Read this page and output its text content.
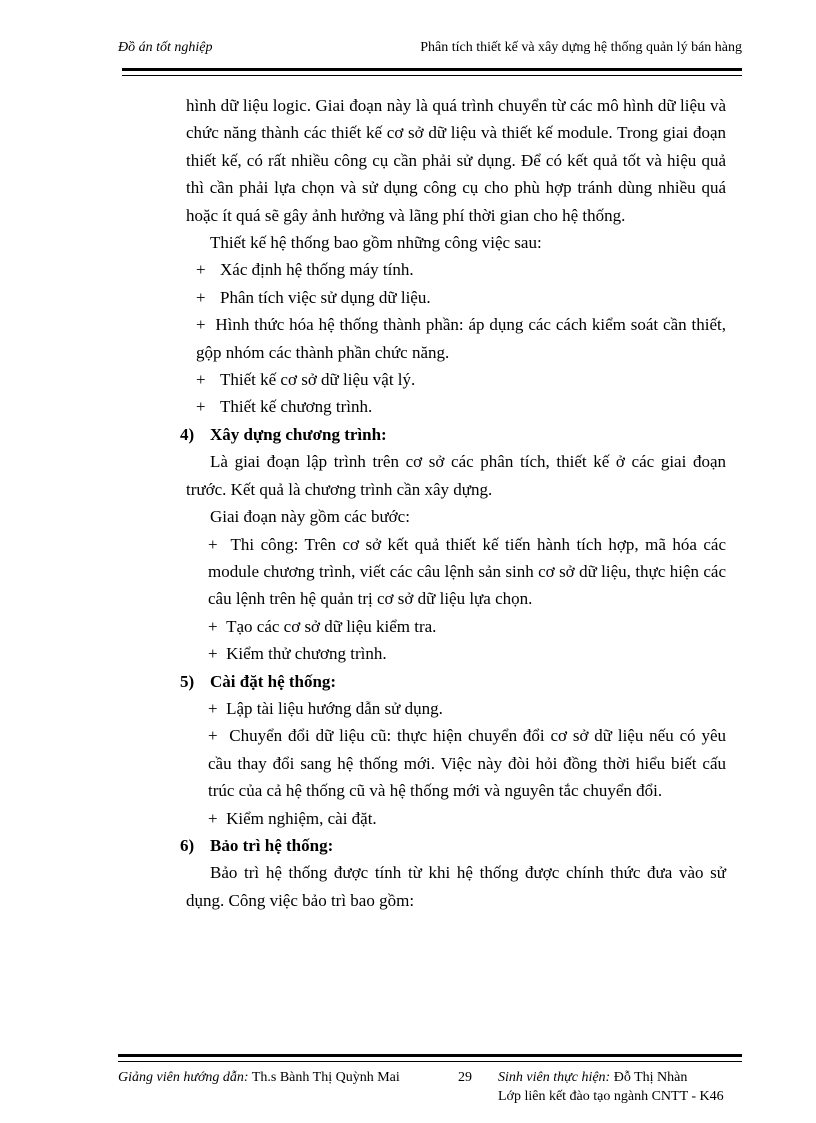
Đồ án tốt nghiệp	Phân tích thiết kế và xây dựng hệ thống quản lý bán hàng

hình dữ liệu logic. Giai đoạn này là quá trình chuyển từ các mô hình dữ liệu và chức năng thành các thiết kế cơ sở dữ liệu và thiết kế module. Trong giai đoạn thiết kế, có rất nhiều công cụ cần phải sử dụng. Để có kết quả tốt và hiệu quả thì cần phải lựa chọn và sử dụng công cụ cho phù hợp tránh dùng nhiều quá hoặc ít quá sẽ gây ảnh hưởng và lãng phí thời gian cho hệ thống.

Thiết kế hệ thống bao gồm những công việc sau:

+ Xác định hệ thống máy tính.

+ Phân tích việc sử dụng dữ liệu.

+ Hình thức hóa hệ thống thành phần: áp dụng các cách kiểm soát cần thiết, gộp nhóm các thành phần chức năng.

+ Thiết kế cơ sở dữ liệu vật lý.

+ Thiết kế chương trình.

4) Xây dựng chương trình:

Là giai đoạn lập trình trên cơ sở các phân tích, thiết kế ở các giai đoạn trước. Kết quả là chương trình cần xây dựng.

Giai đoạn này gồm các bước:

+ Thi công: Trên cơ sở kết quả thiết kế tiến hành tích hợp, mã hóa các module chương trình, viết các câu lệnh sản sinh cơ sở dữ liệu, thực hiện các câu lệnh trên hệ quản trị cơ sở dữ liệu lựa chọn.

+ Tạo các cơ sở dữ liệu kiểm tra.

+ Kiểm thử chương trình.

5) Cài đặt hệ thống:

+ Lập tài liệu hướng dẫn sử dụng.

+ Chuyển đổi dữ liệu cũ: thực hiện chuyển đổi cơ sở dữ liệu nếu có yêu cầu thay đổi sang hệ thống mới. Việc này đòi hỏi đồng thời hiểu biết cấu trúc của cả hệ thống cũ và hệ thống mới và nguyên tắc chuyển đổi.

+ Kiểm nghiệm, cài đặt.

6) Bảo trì hệ thống:

Bảo trì hệ thống được tính từ khi hệ thống được chính thức đưa vào sử dụng. Công việc bảo trì bao gồm:

Giảng viên hướng dẫn: Th.s Bành Thị Quỳnh Mai	29 Sinh viên thực hiện: Đỗ Thị Nhàn
Lớp liên kết đào tạo ngành CNTT - K46
